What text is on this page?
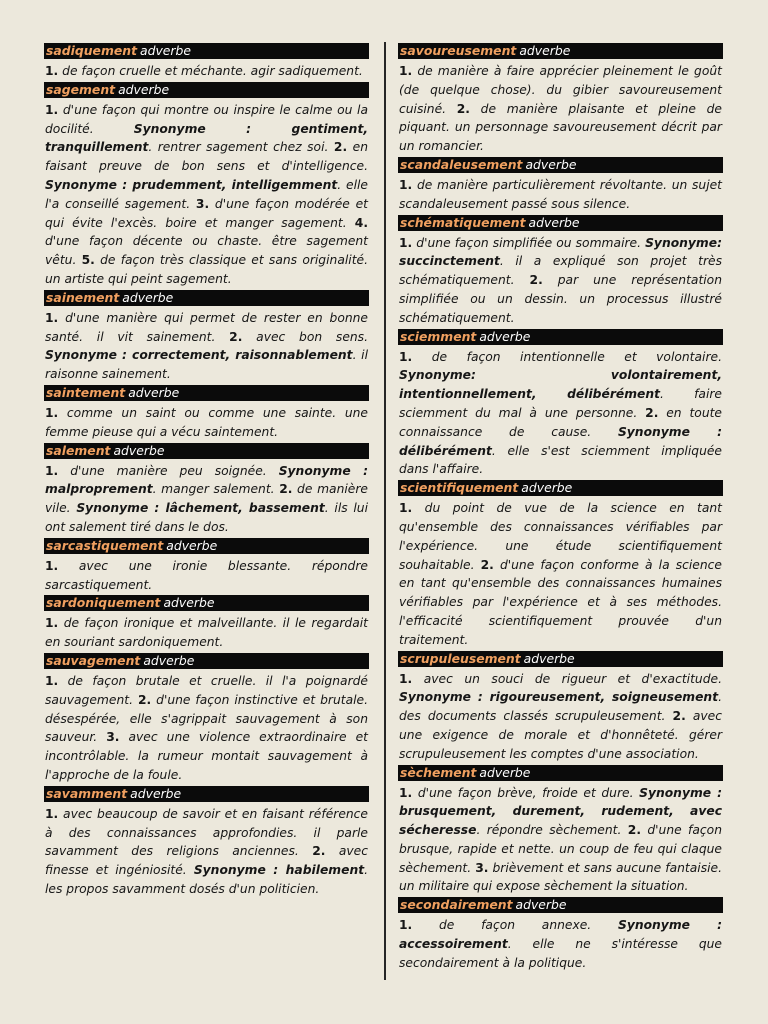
sadiquement adverbe
1. de façon cruelle et méchante. agir sadiquement.
sagement adverbe
1. d'une façon qui montre ou inspire le calme ou la docilité. Synonyme : gentiment, tranquillement. rentrer sagement chez soi. 2. en faisant preuve de bon sens et d'intelligence. Synonyme : prudemment, intelligemment. elle l'a conseillé sagement. 3. d'une façon modérée et qui évite l'excès. boire et manger sagement. 4. d'une façon décente ou chaste. être sagement vêtu. 5. de façon très classique et sans originalité. un artiste qui peint sagement.
sainement adverbe
1. d'une manière qui permet de rester en bonne santé. il vit sainement. 2. avec bon sens. Synonyme : correctement, raisonnablement. il raisonne sainement.
saintement adverbe
1. comme un saint ou comme une sainte. une femme pieuse qui a vécu saintement.
salement adverbe
1. d'une manière peu soignée. Synonyme : malproprement. manger salement. 2. de manière vile. Synonyme : lâchement, bassement. ils lui ont salement tiré dans le dos.
sarcastiquement adverbe
1. avec une ironie blessante. répondre sarcastiquement.
sardoniquement adverbe
1. de façon ironique et malveillante. il le regardait en souriant sardoniquement.
sauvagement adverbe
1. de façon brutale et cruelle. il l'a poignardé sauvagement. 2. d'une façon instinctive et brutale. désespérée, elle s'agrippait sauvagement à son sauveur. 3. avec une violence extraordinaire et incontrôlable. la rumeur montait sauvagement à l'approche de la foule.
savamment adverbe
1. avec beaucoup de savoir et en faisant référence à des connaissances approfondies. il parle savamment des religions anciennes. 2. avec finesse et ingéniosité. Synonyme : habilement. les propos savamment dosés d'un politicien.
savoureusement adverbe
1. de manière à faire apprécier pleinement le goût (de quelque chose). du gibier savoureusement cuisiné. 2. de manière plaisante et pleine de piquant. un personnage savoureusement décrit par un romancier.
scandaleusement adverbe
1. de manière particulièrement révoltante. un sujet scandaleusement passé sous silence.
schématiquement adverbe
1. d'une façon simplifiée ou sommaire. Synonyme: succinctement. il a expliqué son projet très schématiquement. 2. par une représentation simplifiée ou un dessin. un processus illustré schématiquement.
sciemment adverbe
1. de façon intentionnelle et volontaire. Synonyme: volontairement, intentionnellement, délibérément. faire sciemment du mal à une personne. 2. en toute connaissance de cause. Synonyme : délibérément. elle s'est sciemment impliquée dans l'affaire.
scientifiquement adverbe
1. du point de vue de la science en tant qu'ensemble des connaissances vérifiables par l'expérience. une étude scientifiquement souhaitable. 2. d'une façon conforme à la science en tant qu'ensemble des connaissances humaines vérifiables par l'expérience et à ses méthodes. l'efficacité scientifiquement prouvée d'un traitement.
scrupuleusement adverbe
1. avec un souci de rigueur et d'exactitude. Synonyme : rigoureusement, soigneusement. des documents classés scrupuleusement. 2. avec une exigence de morale et d'honnêteté. gérer scrupuleusement les comptes d'une association.
sèchement adverbe
1. d'une façon brève, froide et dure. Synonyme : brusquement, durement, rudement, avec sécheresse. répondre sèchement. 2. d'une façon brusque, rapide et nette. un coup de feu qui claque sèchement. 3. brièvement et sans aucune fantaisie. un militaire qui expose sèchement la situation.
secondairement adverbe
1. de façon annexe. Synonyme : accessoirement. elle ne s'intéresse que secondairement à la politique.
